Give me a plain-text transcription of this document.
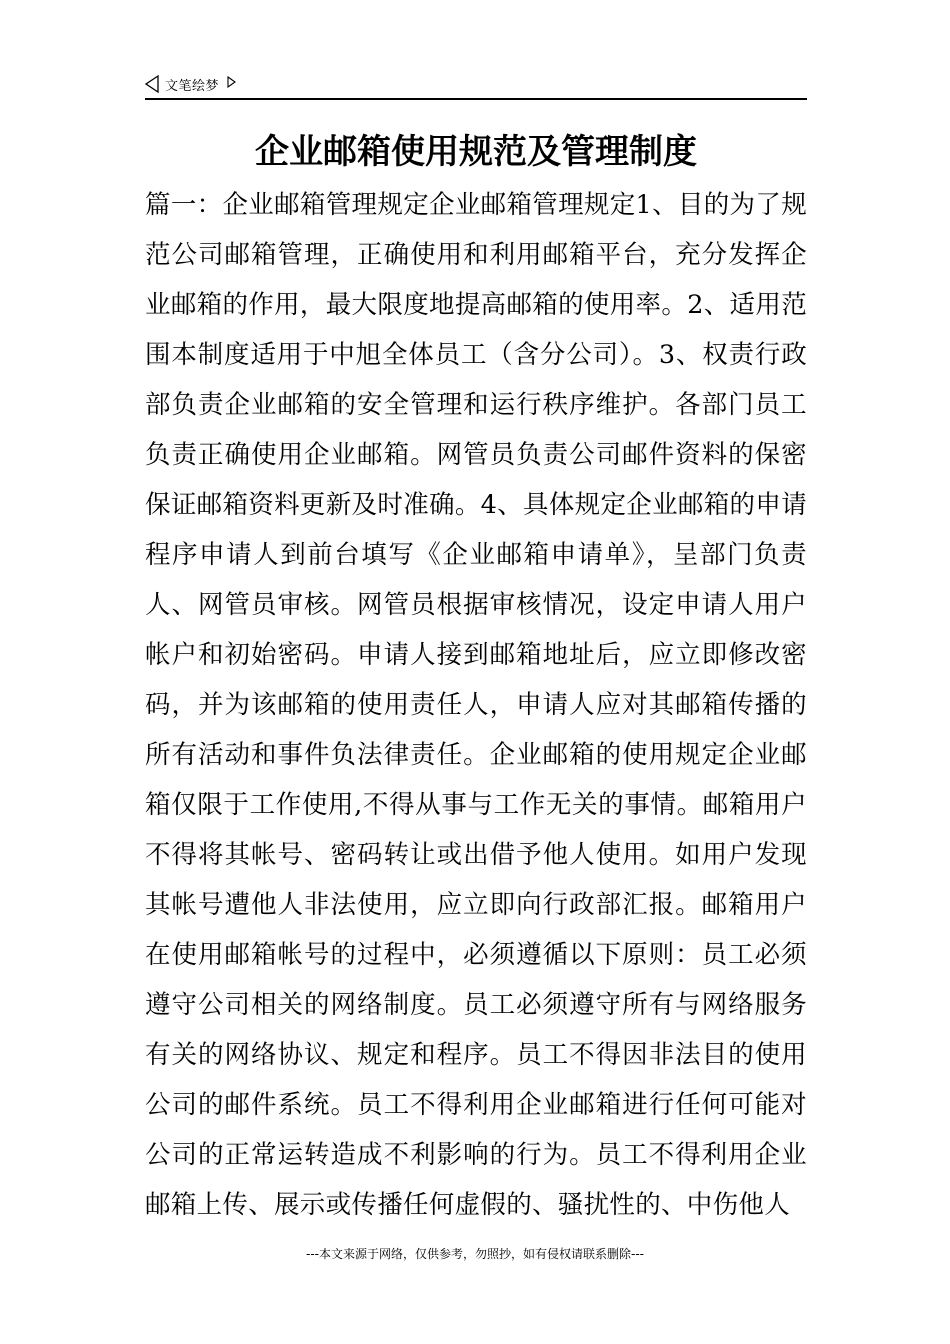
文笔绘梦
企业邮箱使用规范及管理制度

篇一：企业邮箱管理规定企业邮箱管理规定1、目的为了规范公司邮箱管理，正确使用和利用邮箱平台，充分发挥企业邮箱的作用，最大限度地提高邮箱的使用率。2、适用范围本制度适用于中旭全体员工（含分公司）。3、权责行政部负责企业邮箱的安全管理和运行秩序维护。各部门员工负责正确使用企业邮箱。网管员负责公司邮件资料的保密保证邮箱资料更新及时准确。4、具体规定企业邮箱的申请程序申请人到前台填写《企业邮箱申请单》，呈部门负责人、网管员审核。网管员根据审核情况，设定申请人用户帐户和初始密码。申请人接到邮箱地址后，应立即修改密码，并为该邮箱的使用责任人，申请人应对其邮箱传播的所有活动和事件负法律责任。企业邮箱的使用规定企业邮箱仅限于工作使用,不得从事与工作无关的事情。邮箱用户不得将其帐号、密码转让或出借予他人使用。如用户发现其帐号遭他人非法使用，应立即向行政部汇报。邮箱用户在使用邮箱帐号的过程中，必须遵循以下原则：员工必须遵守公司相关的网络制度。员工必须遵守所有与网络服务有关的网络协议、规定和程序。员工不得因非法目的使用公司的邮件系统。员工不得利用企业邮箱进行任何可能对公司的正常运转造成不利影响的行为。员工不得利用企业邮箱上传、展示或传播任何虚假的、骚扰性的、中伤他人

---本文来源于网络，仅供参考，勿照抄，如有侵权请联系删除---
